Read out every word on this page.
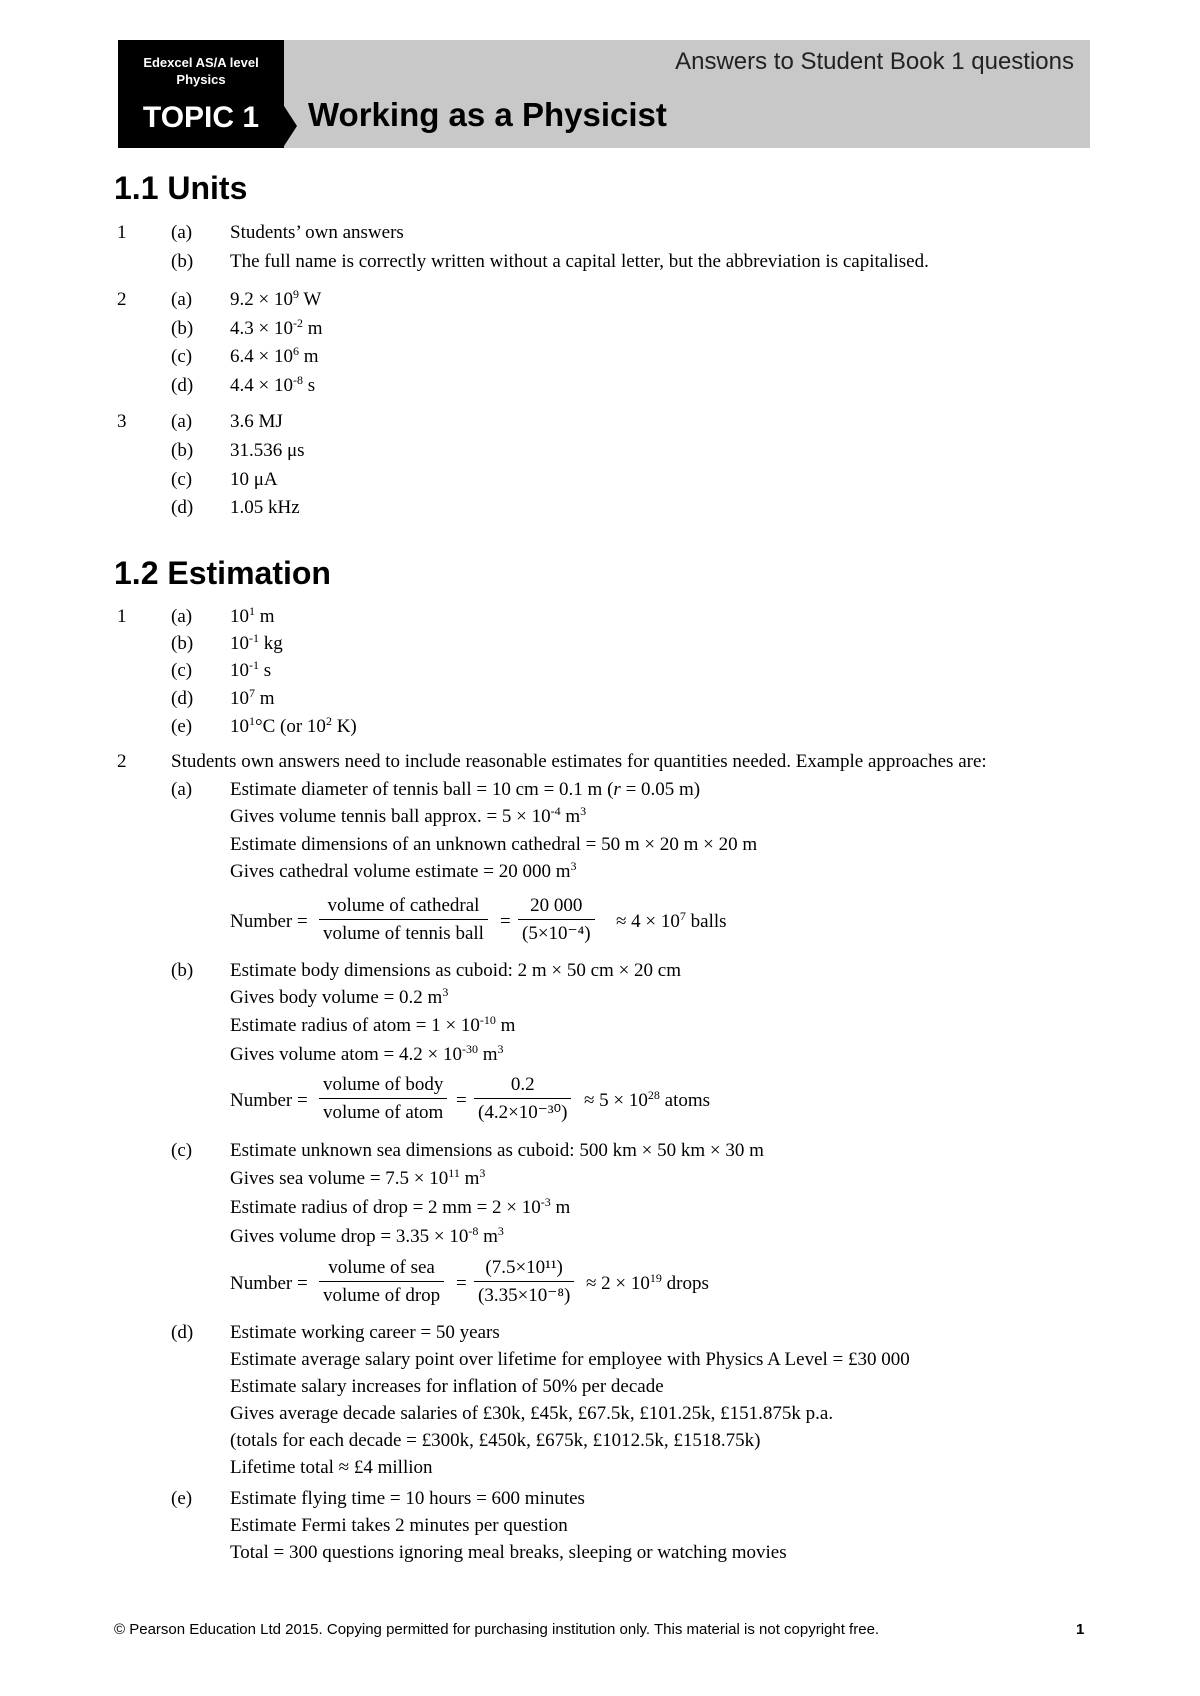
Edexcel AS/A level
Physics
TOPIC 1
Answers to Student Book 1 questions
Working as a Physicist
1.1 Units
1 (a) Students’ own answers
(b) The full name is correctly written without a capital letter, but the abbreviation is capitalised.
2 (a) $9.2 \times 10^9$ W
(b) $4.3 \times 10^{-2}$ m
(c) $6.4 \times 10^6$ m
(d) $4.4 \times 10^{-8}$ s
3 (a) 3.6 MJ
(b) 31.536 μs
(c) 10 μA
(d) 1.05 kHz
1.2 Estimation
1 (a) $10^1$ m
(b) $10^{-1}$ kg
(c) $10^{-1}$ s
(d) $10^7$ m
(e) $10^1^\circ C$ (or $10^2$ K)
2 Students own answers need to include reasonable estimates for quantities needed. Example approaches are:
(a) Estimate diameter of tennis ball = 10 cm = 0.1 m (r = 0.05 m)
Gives volume tennis ball approx. = $5 \times 10^{-4}$ $m^3$
Estimate dimensions of an unknown cathedral = 50 m × 20 m × 20 m
Gives cathedral volume estimate = 20 000 $m^3$
Number =
volume of cathedral
volume of tennis ball
=
20 000
(5×10⁻⁴)
≈ $4 \times 10^7$ balls
(b) Estimate body dimensions as cuboid: 2 m × 50 cm × 20 cm
Gives body volume = 0.2 $m^3$
Estimate radius of atom = $1 \times 10^{-10}$ m
Gives volume atom = $4.2 \times 10^{-30}$ $m^3$
Number =
volume of body
volume of atom
=
0.2
(4.2×10⁻³⁰)
≈ $5 \times 10^{28}$ atoms
(c) Estimate unknown sea dimensions as cuboid: 500 km × 50 km × 30 m
Gives sea volume = $7.5 \times 10^{11}$ $m^3$
Estimate radius of drop = 2 mm = $2 \times 10^{-3}$ m
Gives volume drop = $3.35 \times 10^{-8}$ $m^3$
Number =
volume of sea
volume of drop
=
(7.5×10¹¹)
(3.35×10⁻⁸)
≈ $2 \times 10^{19}$ drops
(d) Estimate working career = 50 years
Estimate average salary point over lifetime for employee with Physics A Level = £30 000
Estimate salary increases for inflation of 50% per decade
Gives average decade salaries of £30k, £45k, £67.5k, £101.25k, £151.875k p.a.
(totals for each decade = £300k, £450k, £675k, £1012.5k, £1518.75k)
Lifetime total ≈ £4 million
(e) Estimate flying time = 10 hours = 600 minutes
Estimate Fermi takes 2 minutes per question
Total = 300 questions ignoring meal breaks, sleeping or watching movies
© Pearson Education Ltd 2015. Copying permitted for purchasing institution only. This material is not copyright free.	1
